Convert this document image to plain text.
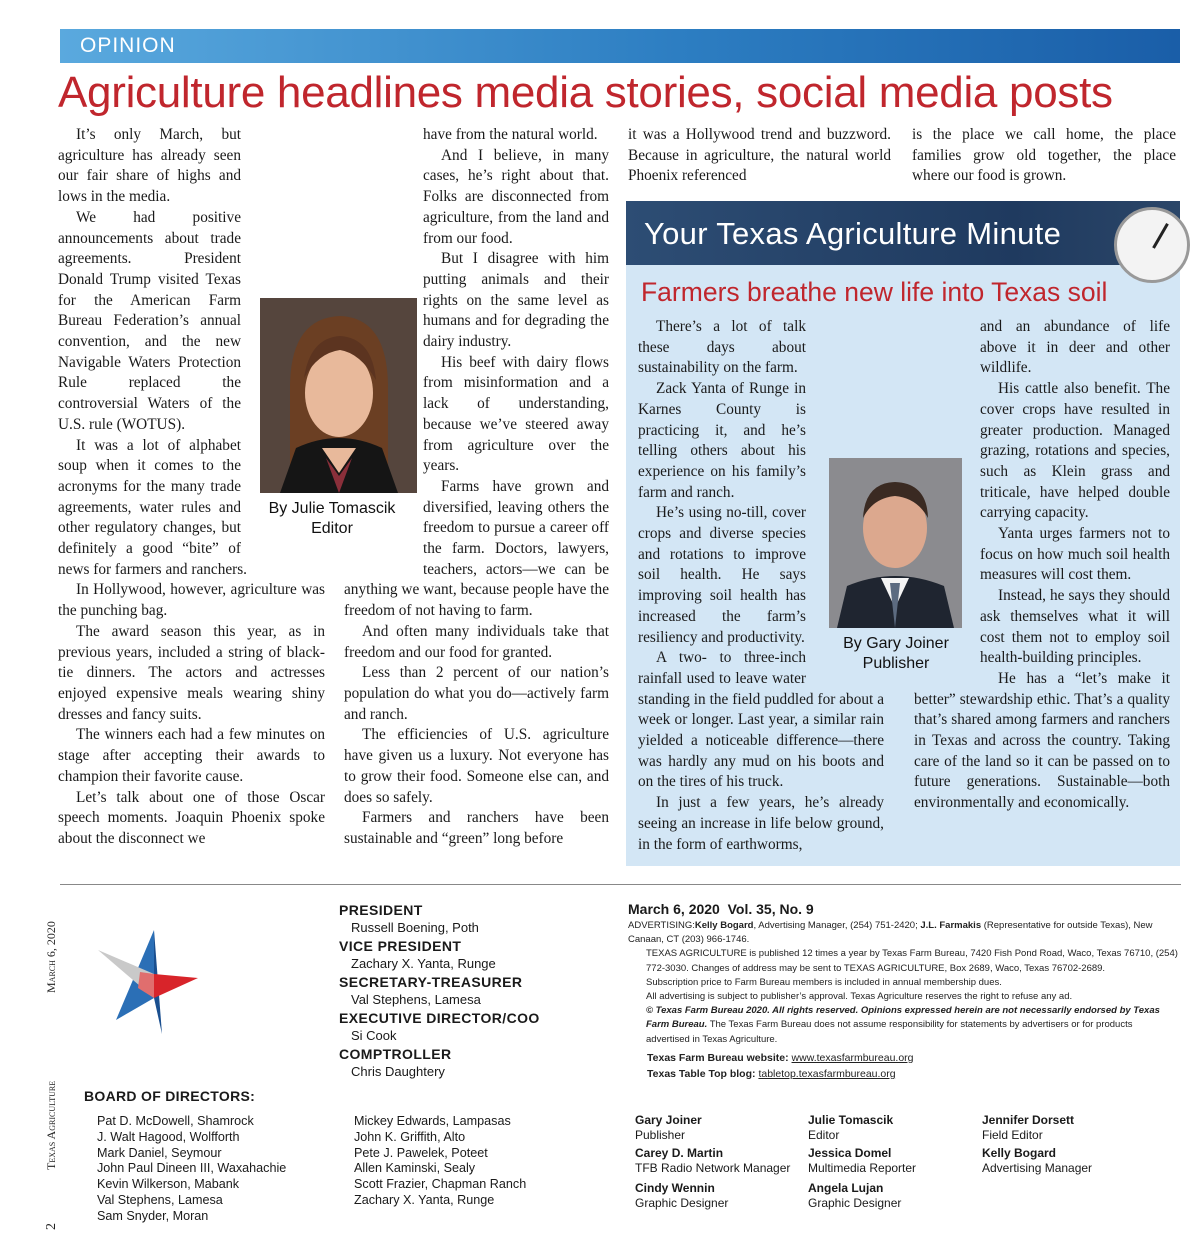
OPINION
Agriculture headlines media stories, social media posts

It’s only March, but agriculture has already seen our fair share of highs and lows in the media.

We had positive announcements about trade agreements. President Donald Trump visited Texas for the American Farm Bureau Federation’s annual convention, and the new Navigable Waters Protection Rule replaced the controversial Waters of the U.S. rule (WOTUS).

It was a lot of alphabet soup when it comes to the acronyms for the many trade agreements, water rules and other regulatory changes, but definitely a good “bite” of news for farmers and ranchers.

In Hollywood, however, agriculture was the punching bag.

The award season this year, as in previous years, included a string of black-tie dinners. The actors and actresses enjoyed expensive meals wearing shiny dresses and fancy suits.

The winners each had a few minutes on stage after accepting their awards to champion their favorite cause.

Let’s talk about one of those Oscar speech moments. Joaquin Phoenix spoke about the disconnect we

have from the natural world.

And I believe, in many cases, he’s right about that. Folks are disconnected from agriculture, from the land and from our food.

But I disagree with him putting animals and their rights on the same level as humans and for degrading the dairy industry.

His beef with dairy flows from misinformation and a lack of understanding, because we’ve steered away from agriculture over the years.

Farms have grown and diversified, leaving others the freedom to pursue a career off the farm. Doctors, lawyers, teachers, actors—we can be anything we want, because people have the freedom of not having to farm.

And often many individuals take that freedom and our food for granted.

Less than 2 percent of our nation’s population do what you do—actively farm and ranch.

The efficiencies of U.S. agriculture have given us a luxury. Not everyone has to grow their food. Someone else can, and does so safely.

Farmers and ranchers have been sustainable and “green” long before

it was a Hollywood trend and buzzword. Because in agriculture, the natural world Phoenix referenced

is the place we call home, the place families grow old together, the place where our food is grown.

By Julie Tomascik
Editor
Your Texas Agriculture Minute
Farmers breathe new life into Texas soil

There’s a lot of talk these days about sustainability on the farm.

Zack Yanta of Runge in Karnes County is practicing it, and he’s telling others about his experience on his family’s farm and ranch.

He’s using no-till, cover crops and diverse species and rotations to improve soil health. He says improving soil health has increased the farm’s resiliency and productivity.

A two- to three-inch rainfall used to leave water standing in the field puddled for about a week or longer. Last year, a similar rain yielded a noticeable difference—there was hardly any mud on his boots and on the tires of his truck.

In just a few years, he’s already seeing an increase in life below ground, in the form of earthworms,

and an abundance of life above it in deer and other wildlife.

His cattle also benefit. The cover crops have resulted in greater production. Managed grazing, rotations and species, such as Klein grass and triticale, have helped double carrying capacity.

Yanta urges farmers not to focus on how much soil health measures will cost them.

Instead, he says they should ask themselves what it will cost them not to employ soil health-building principles.

He has a “let’s make it better” stewardship ethic. That’s a quality that’s shared among farmers and ranchers in Texas and across the country. Taking care of the land so it can be passed on to future generations. Sustainable—both environmentally and economically.

By Gary Joiner
Publisher
March 6, 2020
Texas Agriculture
2
PRESIDENT
Russell Boening, Poth
VICE PRESIDENT
Zachary X. Yanta, Runge
SECRETARY-TREASURER
Val Stephens, Lamesa
EXECUTIVE DIRECTOR/COO
Si Cook
COMPTROLLER
Chris Daughtery
BOARD OF DIRECTORS:
Pat D. McDowell, Shamrock
J. Walt Hagood, Wolfforth
Mark Daniel, Seymour
John Paul Dineen III, Waxahachie
Kevin Wilkerson, Mabank
Val Stephens, Lamesa
Sam Snyder, Moran
Mickey Edwards, Lampasas
John K. Griffith, Alto
Pete J. Pawelek, Poteet
Allen Kaminski, Sealy
Scott Frazier, Chapman Ranch
Zachary X. Yanta, Runge
March 6, 2020  Vol. 35, No. 9
ADVERTISING:Kelly Bogard, Advertising Manager, (254) 751-2420; J.L. Farmakis (Representative for outside Texas), New Canaan, CT (203) 966-1746.
TEXAS AGRICULTURE is published 12 times a year by Texas Farm Bureau, 7420 Fish Pond Road, Waco, Texas 76710, (254) 772-3030. Changes of address may be sent to TEXAS AGRICULTURE, Box 2689, Waco, Texas 76702-2689.
Subscription price to Farm Bureau members is included in annual membership dues.
All advertising is subject to publisher’s approval. Texas Agriculture reserves the right to refuse any ad.
© Texas Farm Bureau 2020. All rights reserved. Opinions expressed herein are not necessarily endorsed by Texas Farm Bureau. The Texas Farm Bureau does not assume responsibility for statements by advertisers or for products advertised in Texas Agriculture.
Texas Farm Bureau website: www.texasfarmbureau.org
Texas Table Top blog: tabletop.texasfarmbureau.org
Gary Joiner
Publisher
Julie Tomascik
Editor
Jennifer Dorsett
Field Editor
Carey D. Martin
TFB Radio Network Manager
Jessica Domel
Multimedia Reporter
Kelly Bogard
Advertising Manager
Cindy Wennin
Graphic Designer
Angela Lujan
Graphic Designer
